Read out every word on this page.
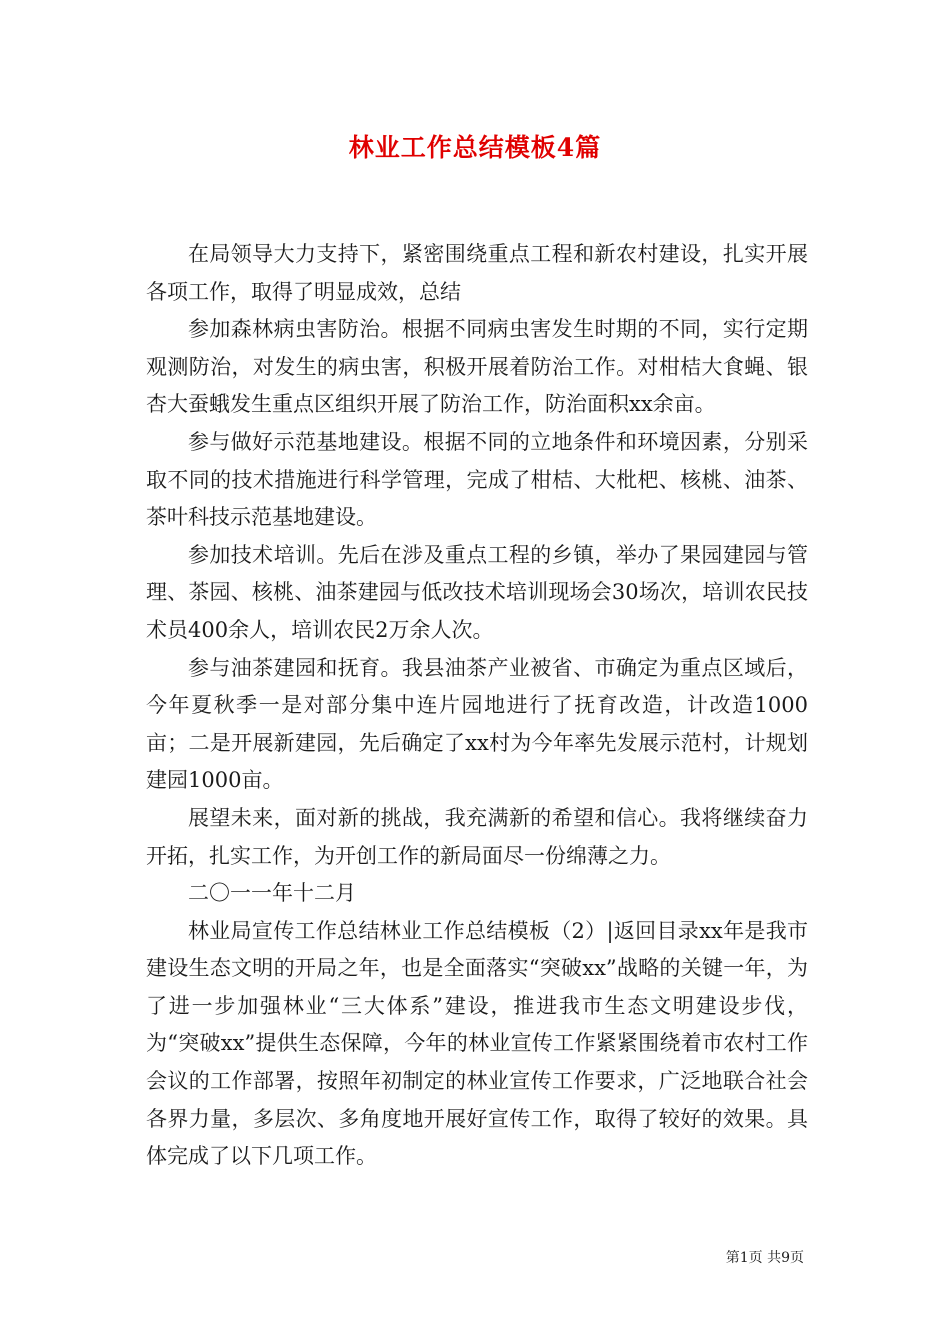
林业工作总结模板4篇

在局领导大力支持下，紧密围绕重点工程和新农村建设，扎实开展各项工作，取得了明显成效，总结

参加森林病虫害防治。根据不同病虫害发生时期的不同，实行定期观测防治，对发生的病虫害，积极开展着防治工作。对柑桔大食蝇、银杏大蚕蛾发生重点区组织开展了防治工作，防治面积xx余亩。

参与做好示范基地建设。根据不同的立地条件和环境因素，分别采取不同的技术措施进行科学管理，完成了柑桔、大枇杷、核桃、油茶、茶叶科技示范基地建设。

参加技术培训。先后在涉及重点工程的乡镇，举办了果园建园与管理、茶园、核桃、油茶建园与低改技术培训现场会30场次，培训农民技术员400余人，培训农民2万余人次。

参与油茶建园和抚育。我县油茶产业被省、市确定为重点区域后，今年夏秋季一是对部分集中连片园地进行了抚育改造，计改造1000亩；二是开展新建园，先后确定了xx村为今年率先发展示范村，计规划建园1000亩。

展望未来，面对新的挑战，我充满新的希望和信心。我将继续奋力开拓，扎实工作，为开创工作的新局面尽一份绵薄之力。

二〇一一年十二月

林业局宣传工作总结林业工作总结模板（2）|返回目录xx年是我市建设生态文明的开局之年，也是全面落实“突破xx”战略的关键一年，为了进一步加强林业“三大体系”建设，推进我市生态文明建设步伐，为“突破xx”提供生态保障，今年的林业宣传工作紧紧围绕着市农村工作会议的工作部署，按照年初制定的林业宣传工作要求，广泛地联合社会各界力量，多层次、多角度地开展好宣传工作，取得了较好的效果。具体完成了以下几项工作。

第1页 共9页
